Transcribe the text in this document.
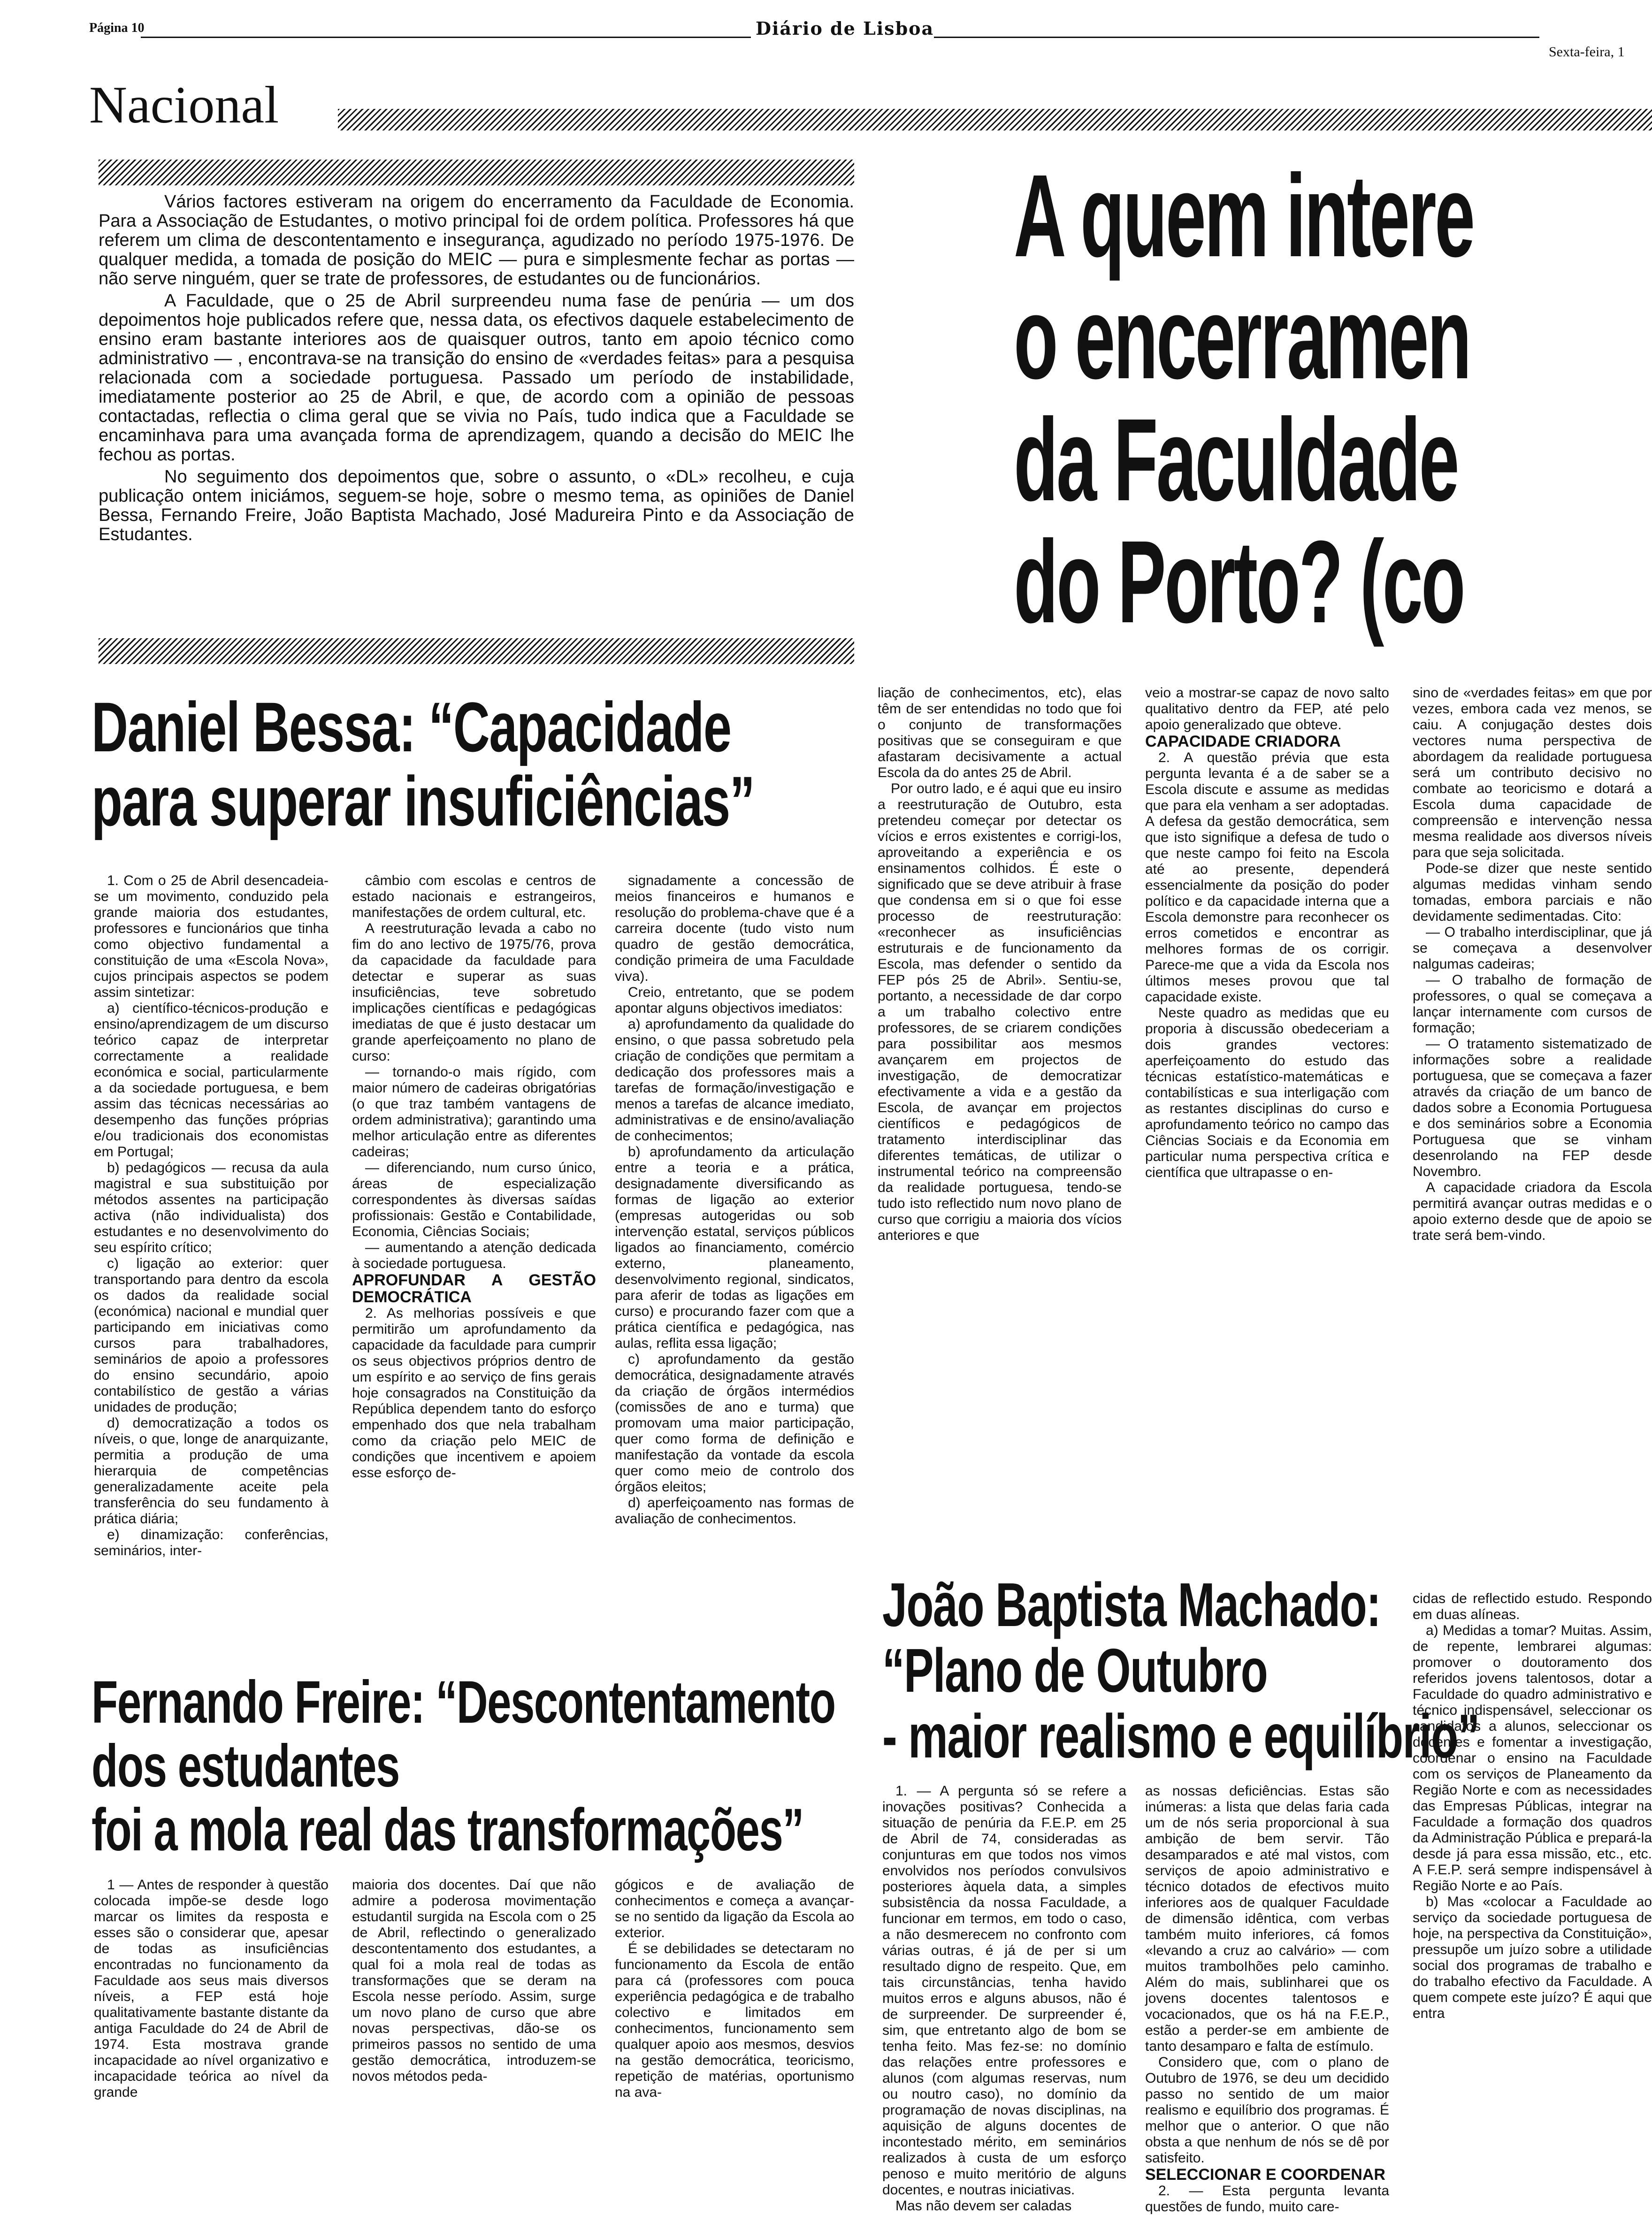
Página 10	Diário de Lisboa
Sexta-feira, 1
Nacional

Vários factores estiveram na origem do encerramento da Faculdade de Economia. Para a Associação de Estudantes, o motivo principal foi de ordem política. Professores há que referem um clima de descontentamento e insegurança, agudizado no período 1975-1976. De qualquer medida, a tomada de posição do MEIC — pura e simplesmente fechar as portas — não serve ninguém, quer se trate de professores, de estudantes ou de funcionários.

A Faculdade, que o 25 de Abril surpreendeu numa fase de penúria — um dos depoimentos hoje publicados refere que, nessa data, os efectivos daquele estabelecimento de ensino eram bastante interiores aos de quaisquer outros, tanto em apoio técnico como administrativo — , encontrava-se na transição do ensino de «verdades feitas» para a pesquisa relacionada com a sociedade portuguesa. Passado um período de instabilidade, imediatamente posterior ao 25 de Abril, e que, de acordo com a opinião de pessoas contactadas, reflectia o clima geral que se vivia no País, tudo indica que a Faculdade se encaminhava para uma avançada forma de aprendizagem, quando a decisão do MEIC lhe fechou as portas.

No seguimento dos depoimentos que, sobre o assunto, o «DL» recolheu, e cuja publicação ontem iniciámos, seguem-se hoje, sobre o mesmo tema, as opiniões de Daniel Bessa, Fernando Freire, João Baptista Machado, José Madureira Pinto e da Associação de Estudantes.

A quem intere
o encerramen
da Faculdade
do Porto? (co
Daniel Bessa: “Capacidade
para superar insuficiências”

1. Com o 25 de Abril desencadeia-se um movimento, conduzido pela grande maioria dos estudantes, professores e funcionários que tinha como objectivo fundamental a constituição de uma «Escola Nova», cujos principais aspectos se podem assim sintetizar:

a) científico-técnicos-produção e ensino/aprendizagem de um discurso teórico capaz de interpretar correctamente a realidade económica e social, particularmente a da sociedade portuguesa, e bem assim das técnicas necessárias ao desempenho das funções próprias e/ou tradicionais dos economistas em Portugal;

b) pedagógicos — recusa da aula magistral e sua substituição por métodos assentes na participação activa (não individualista) dos estudantes e no desenvolvimento do seu espírito crítico;

c) ligação ao exterior: quer transportando para dentro da escola os dados da realidade social (económica) nacional e mundial quer participando em iniciativas como cursos para trabalhadores, seminários de apoio a professores do ensino secundário, apoio contabilístico de gestão a várias unidades de produção;

d) democratização a todos os níveis, o que, longe de anarquizante, permitia a produção de uma hierarquia de competências generalizadamente aceite pela transferência do seu fundamento à prática diária;

e) dinamização: conferências, seminários, inter-

câmbio com escolas e centros de estado nacionais e estrangeiros, manifestações de ordem cultural, etc.

A reestruturação levada a cabo no fim do ano lectivo de 1975/76, prova da capacidade da faculdade para detectar e superar as suas insuficiências, teve sobretudo implicações científicas e pedagógicas imediatas de que é justo destacar um grande aperfeiçoamento no plano de curso:

— tornando-o mais rígido, com maior número de cadeiras obrigatórias (o que traz também vantagens de ordem administrativa); garantindo uma melhor articulação entre as diferentes cadeiras;

— diferenciando, num curso único, áreas de especialização correspondentes às diversas saídas profissionais: Gestão e Contabilidade, Economia, Ciências Sociais;

— aumentando a atenção dedicada à sociedade portuguesa.

APROFUNDAR A GESTÃO DEMOCRÁTICA

2. As melhorias possíveis e que permitirão um aprofundamento da capacidade da faculdade para cumprir os seus objectivos próprios dentro de um espírito e ao serviço de fins gerais hoje consagrados na Constituição da República dependem tanto do esforço empenhado dos que nela trabalham como da criação pelo MEIC de condições que incentivem e apoiem esse esforço de-

signadamente a concessão de meios financeiros e humanos e resolução do problema-chave que é a carreira docente (tudo visto num quadro de gestão democrática, condição primeira de uma Faculdade viva).

Creio, entretanto, que se podem apontar alguns objectivos imediatos:

a) aprofundamento da qualidade do ensino, o que passa sobretudo pela criação de condições que permitam a dedicação dos professores mais a tarefas de formação/investigação e menos a tarefas de alcance imediato, administrativas e de ensino/avaliação de conhecimentos;

b) aprofundamento da articulação entre a teoria e a prática, designadamente diversificando as formas de ligação ao exterior (empresas autogeridas ou sob intervenção estatal, serviços públicos ligados ao financiamento, comércio externo, planeamento, desenvolvimento regional, sindicatos, para aferir de todas as ligações em curso) e procurando fazer com que a prática científica e pedagógica, nas aulas, reflita essa ligação;

c) aprofundamento da gestão democrática, designadamente através da criação de órgãos intermédios (comissões de ano e turma) que promovam uma maior participação, quer como forma de definição e manifestação da vontade da escola quer como meio de controlo dos órgãos eleitos;

d) aperfeiçoamento nas formas de avaliação de conhecimentos.

liação de conhecimentos, etc), elas têm de ser entendidas no todo que foi o conjunto de transformações positivas que se conseguiram e que afastaram decisivamente a actual Escola da do antes 25 de Abril.

Por outro lado, e é aqui que eu insiro a reestruturação de Outubro, esta pretendeu começar por detectar os vícios e erros existentes e corrigi-los, aproveitando a experiência e os ensinamentos colhidos. É este o significado que se deve atribuir à frase que condensa em si o que foi esse processo de reestruturação: «reconhecer as insuficiências estruturais e de funcionamento da Escola, mas defender o sentido da FEP pós 25 de Abril». Sentiu-se, portanto, a necessidade de dar corpo a um trabalho colectivo entre professores, de se criarem condições para possibilitar aos mesmos avançarem em projectos de investigação, de democratizar efectivamente a vida e a gestão da Escola, de avançar em projectos científicos e pedagógicos de tratamento interdisciplinar das diferentes temáticas, de utilizar o instrumental teórico na compreensão da realidade portuguesa, tendo-se tudo isto reflectido num novo plano de curso que corrigiu a maioria dos vícios anteriores e que

veio a mostrar-se capaz de novo salto qualitativo dentro da FEP, até pelo apoio generalizado que obteve.

CAPACIDADE CRIADORA

2. A questão prévia que esta pergunta levanta é a de saber se a Escola discute e assume as medidas que para ela venham a ser adoptadas. A defesa da gestão democrática, sem que isto signifique a defesa de tudo o que neste campo foi feito na Escola até ao presente, dependerá essencialmente da posição do poder político e da capacidade interna que a Escola demonstre para reconhecer os erros cometidos e encontrar as melhores formas de os corrigir. Parece-me que a vida da Escola nos últimos meses provou que tal capacidade existe.

Neste quadro as medidas que eu proporia à discussão obedeceriam a dois grandes vectores: aperfeiçoamento do estudo das técnicas estatístico-matemáticas e contabilísticas e sua interligação com as restantes disciplinas do curso e aprofundamento teórico no campo das Ciências Sociais e da Economia em particular numa perspectiva crítica e científica que ultrapasse o en-

sino de «verdades feitas» em que por vezes, embora cada vez menos, se caiu. A conjugação destes dois vectores numa perspectiva de abordagem da realidade portuguesa será um contributo decisivo no combate ao teoricismo e dotará a Escola duma capacidade de compreensão e intervenção nessa mesma realidade aos diversos níveis para que seja solicitada.

Pode-se dizer que neste sentido algumas medidas vinham sendo tomadas, embora parciais e não devidamente sedimentadas. Cito:

— O trabalho interdisciplinar, que já se começava a desenvolver nalgumas cadeiras;

— O trabalho de formação de professores, o qual se começava a lançar internamente com cursos de formação;

— O tratamento sistematizado de informações sobre a realidade portuguesa, que se começava a fazer através da criação de um banco de dados sobre a Economia Portuguesa e dos seminários sobre a Economia Portuguesa que se vinham desenrolando na FEP desde Novembro.

A capacidade criadora da Escola permitirá avançar outras medidas e o apoio externo desde que de apoio se trate será bem-vindo.

João Baptista Machado:
“Plano de Outubro
- maior realismo e equilíbrio”

1. — A pergunta só se refere a inovações positivas? Conhecida a situação de penúria da F.E.P. em 25 de Abril de 74, consideradas as conjunturas em que todos nos vimos envolvidos nos períodos convulsivos posteriores àquela data, a simples subsistência da nossa Faculdade, a funcionar em termos, em todo o caso, a não desmerecem no confronto com várias outras, é já de per si um resultado digno de respeito. Que, em tais circunstâncias, tenha havido muitos erros e alguns abusos, não é de surpreender. De surpreender é, sim, que entretanto algo de bom se tenha feito. Mas fez-se: no domínio das relações entre professores e alunos (com algumas reservas, num ou noutro caso), no domínio da programação de novas disciplinas, na aquisição de alguns docentes de incontestado mérito, em seminários realizados à custa de um esforço penoso e muito meritório de alguns docentes, e noutras iniciativas.

Mas não devem ser caladas

as nossas deficiências. Estas são inúmeras: a lista que delas faria cada um de nós seria proporcional à sua ambição de bem servir. Tão desamparados e até mal vistos, com serviços de apoio administrativo e técnico dotados de efectivos muito inferiores aos de qualquer Faculdade de dimensão idêntica, com verbas também muito inferiores, cá fomos «levando a cruz ao calvário» — com muitos tramboIhões pelo caminho. Além do mais, sublinharei que os jovens docentes talentosos e vocacionados, que os há na F.E.P., estão a perder-se em ambiente de tanto desamparo e falta de estímulo.

Considero que, com o plano de Outubro de 1976, se deu um decidido passo no sentido de um maior realismo e equilíbrio dos programas. É melhor que o anterior. O que não obsta a que nenhum de nós se dê por satisfeito.

SELECCIONAR E COORDENAR

2. — Esta pergunta levanta questões de fundo, muito care-

cidas de reflectido estudo. Respondo em duas alíneas.

a) Medidas a tomar? Muitas. Assim, de repente, lembrarei algumas: promover o doutoramento dos referidos jovens talentosos, dotar a Faculdade do quadro administrativo e técnico indispensável, seleccionar os candidatos a alunos, seleccionar os docentes e fomentar a investigação, coordenar o ensino na Faculdade com os serviços de Planeamento da Região Norte e com as necessidades das Empresas Públicas, integrar na Faculdade a formação dos quadros da Administração Pública e prepará-la desde já para essa missão, etc., etc. A F.E.P. será sempre indispensável à Região Norte e ao País.

b) Mas «colocar a Faculdade ao serviço da sociedade portuguesa de hoje, na perspectiva da Constituição», pressupõe um juízo sobre a utilidade social dos programas de trabalho e do trabalho efectivo da Faculdade. A quem compete este juízo? É aqui que entra

Fernando Freire: “Descontentamento
dos estudantes
foi a mola real das transformações”

1 — Antes de responder à questão colocada impõe-se desde logo marcar os limites da resposta e esses são o considerar que, apesar de todas as insuficiências encontradas no funcionamento da Faculdade aos seus mais diversos níveis, a FEP está hoje qualitativamente bastante distante da antiga Faculdade do 24 de Abril de 1974. Esta mostrava grande incapacidade ao nível organizativo e incapacidade teórica ao nível da grande

maioria dos docentes. Daí que não admire a poderosa movimentação estudantil surgida na Escola com o 25 de Abril, reflectindo o generalizado descontentamento dos estudantes, a qual foi a mola real de todas as transformações que se deram na Escola nesse período. Assim, surge um novo plano de curso que abre novas perspectivas, dão-se os primeiros passos no sentido de uma gestão democrática, introduzem-se novos métodos peda-

gógicos e de avaliação de conhecimentos e começa a avançar-se no sentido da ligação da Escola ao exterior.

É se debilidades se detectaram no funcionamento da Escola de então para cá (professores com pouca experiência pedagógica e de trabalho colectivo e limitados em conhecimentos, funcionamento sem qualquer apoio aos mesmos, desvios na gestão democrática, teoricismo, repetição de matérias, oportunismo na ava-
